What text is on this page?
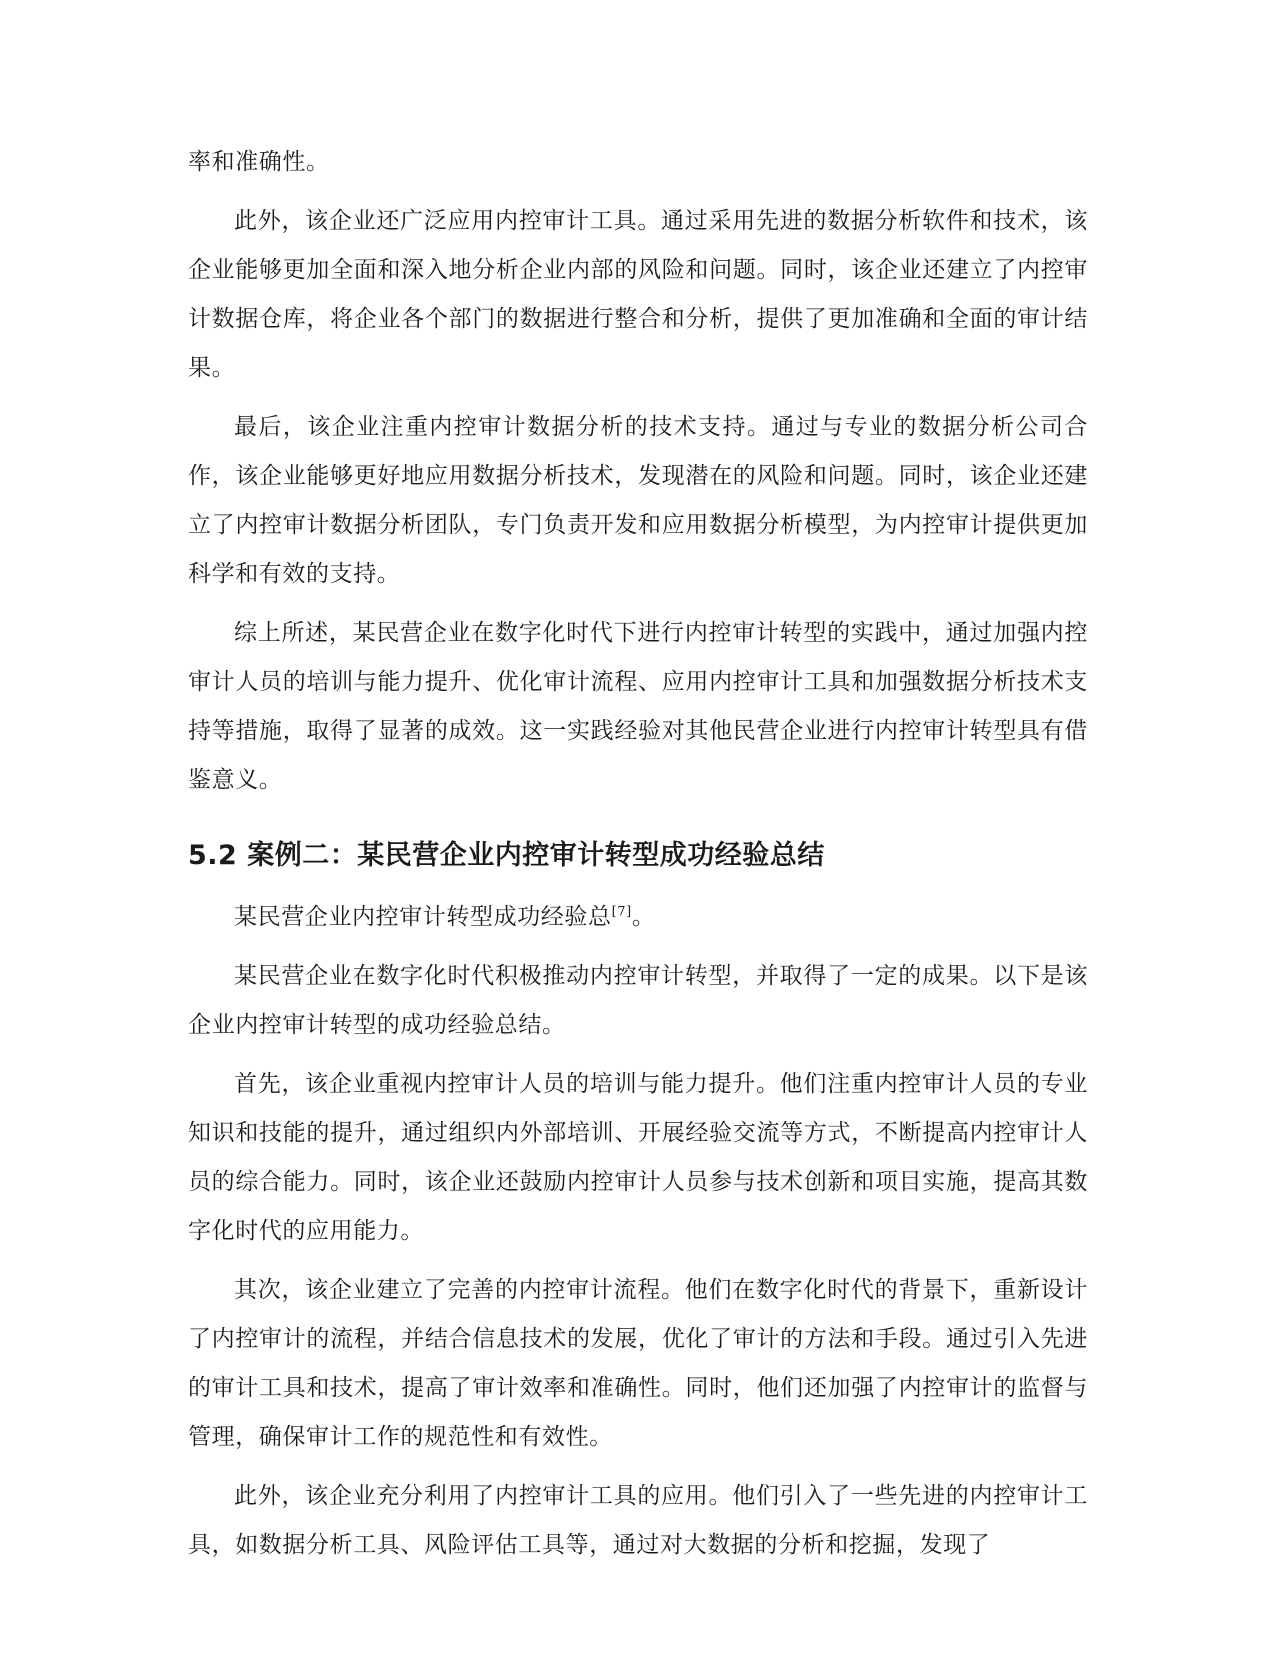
率和准确性。

此外，该企业还广泛应用内控审计工具。通过采用先进的数据分析软件和技术，该企业能够更加全面和深入地分析企业内部的风险和问题。同时，该企业还建立了内控审计数据仓库，将企业各个部门的数据进行整合和分析，提供了更加准确和全面的审计结果。

最后，该企业注重内控审计数据分析的技术支持。通过与专业的数据分析公司合作，该企业能够更好地应用数据分析技术，发现潜在的风险和问题。同时，该企业还建立了内控审计数据分析团队，专门负责开发和应用数据分析模型，为内控审计提供更加科学和有效的支持。

综上所述，某民营企业在数字化时代下进行内控审计转型的实践中，通过加强内控审计人员的培训与能力提升、优化审计流程、应用内控审计工具和加强数据分析技术支持等措施，取得了显著的成效。这一实践经验对其他民营企业进行内控审计转型具有借鉴意义。

5.2 案例二：某民营企业内控审计转型成功经验总结

某民营企业内控审计转型成功经验总[7]。

某民营企业在数字化时代积极推动内控审计转型，并取得了一定的成果。以下是该企业内控审计转型的成功经验总结。

首先，该企业重视内控审计人员的培训与能力提升。他们注重内控审计人员的专业知识和技能的提升，通过组织内外部培训、开展经验交流等方式，不断提高内控审计人员的综合能力。同时，该企业还鼓励内控审计人员参与技术创新和项目实施，提高其数字化时代的应用能力。

其次，该企业建立了完善的内控审计流程。他们在数字化时代的背景下，重新设计了内控审计的流程，并结合信息技术的发展，优化了审计的方法和手段。通过引入先进的审计工具和技术，提高了审计效率和准确性。同时，他们还加强了内控审计的监督与管理，确保审计工作的规范性和有效性。

此外，该企业充分利用了内控审计工具的应用。他们引入了一些先进的内控审计工具，如数据分析工具、风险评估工具等，通过对大数据的分析和挖掘，发现了
